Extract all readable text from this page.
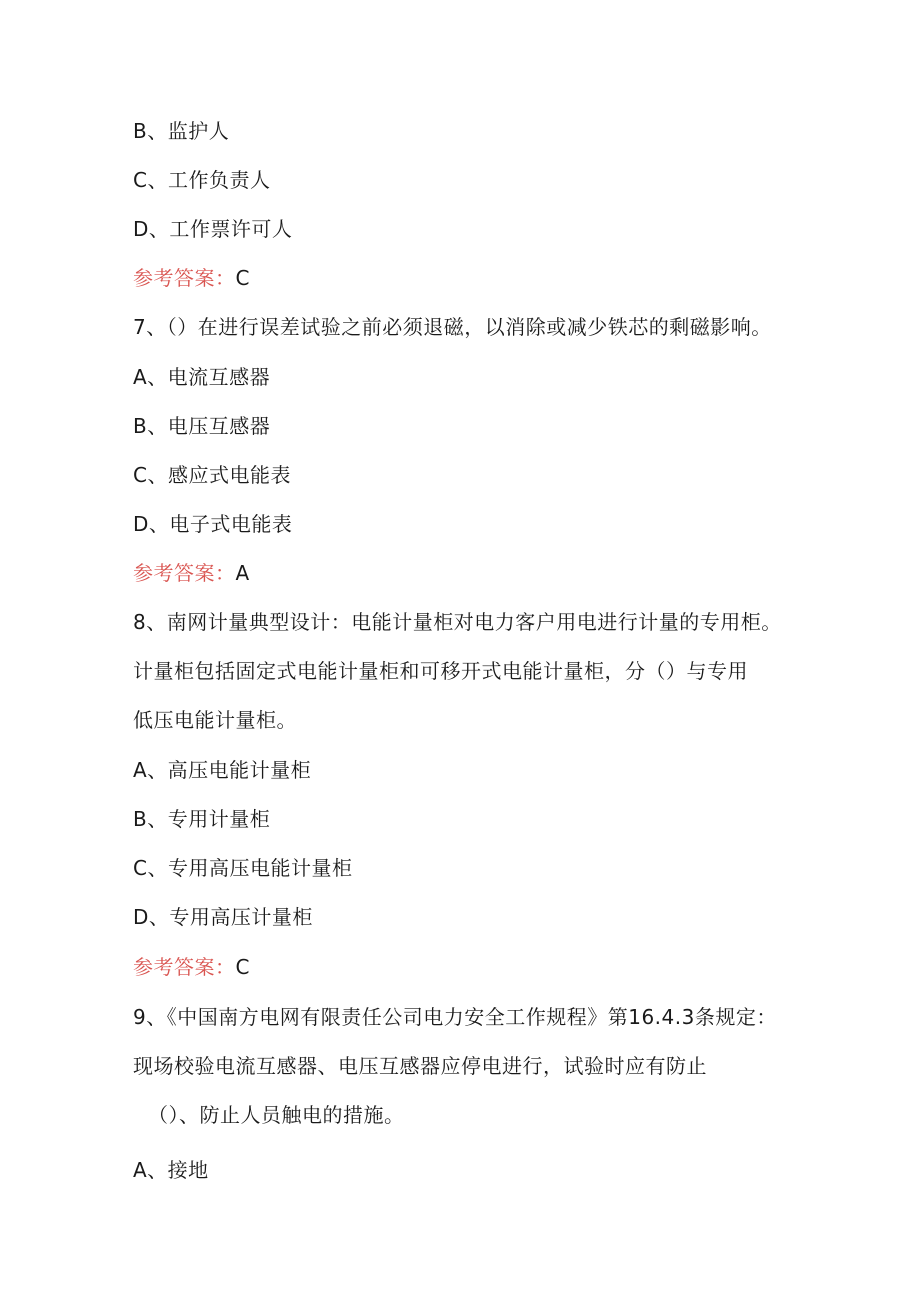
B、监护人
C、工作负责人
D、工作票许可人
参考答案：C
7、（）在进行误差试验之前必须退磁，以消除或减少铁芯的剩磁影响。
A、电流互感器
B、电压互感器
C、感应式电能表
D、电子式电能表
参考答案：A
8、南网计量典型设计：电能计量柜对电力客户用电进行计量的专用柜。
计量柜包括固定式电能计量柜和可移开式电能计量柜，分（）与专用
低压电能计量柜。
A、高压电能计量柜
B、专用计量柜
C、专用高压电能计量柜
D、专用高压计量柜
参考答案：C
9、《中国南方电网有限责任公司电力安全工作规程》第16.4.3条规定：
现场校验电流互感器、电压互感器应停电进行，试验时应有防止
（）、防止人员触电的措施。
A、接地
